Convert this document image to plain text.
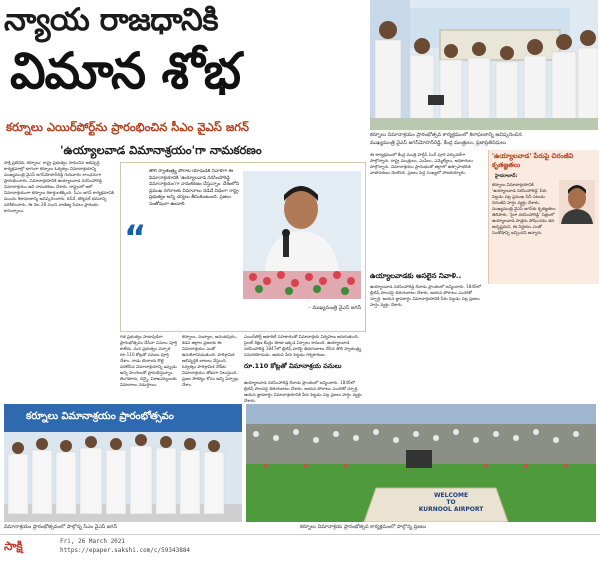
న్యాయ రాజధానికి
విమాన శోభ
కర్నూలు ఎయిర్‌పోర్ట్‌ను ప్రారంభించిన సీఎం వైఎస్ జగన్
'ఉయ్యాలవాడ విమానాశ్రయం'గా నామకరణం
కర్నూలు విమానాశ్రయం ప్రారంభోత్సవ కార్యక్రమంలో శిలాఫలకాన్ని ఆవిష్కరించిన
ముఖ్యమంత్రి వైఎస్ జగన్‌మోహన్‌రెడ్డి, కేంద్ర మంత్రులు, ప్రజాప్రతినిధులు
సాక్షి ప్రతినిధి, కర్నూలు: రాష్ట్ర ప్రభుత్వం సాధించిన అభివృద్ధి కార్యక్రమాల్లో భాగంగా కర్నూలు ఓర్వకల్లు విమానాశ్రయాన్ని ముఖ్యమంత్రి వైఎస్ జగన్‌మోహన్‌రెడ్డి గురువారం లాంఛనంగా ప్రారంభించారు. విమానాశ్రయానికి ఉయ్యాలవాడ నరసింహారెడ్డి విమానాశ్రయం అని నామకరణం చేశారు. రాష్ట్రంలో ఆరో విమానాశ్రయంగా కర్నూలు రికార్డులకెక్కింది. సీఎం జగన్ కార్యక్రమానికి ముందు శిలాఫలకాన్ని ఆవిష్కరించారు. రన్‌వే, టెర్మినల్ భవనాన్ని పరిశీలించారు. ఈ నెల 28 నుంచి వాణిజ్య సేవలు ప్రారంభం కానున్నాయి.
“
తొలి స్వాతంత్ర్య పోరాట యోధుడికి నివాళిగా ఈ విమానాశ్రయానికి 'ఉయ్యాలవాడ నరసింహారెడ్డి విమానాశ్రయం'గా నామకరణం చేస్తున్నాం. దేశంలోని ప్రముఖ నగరాలకు విమానాలు నడిచే విధంగా రాష్ట్ర ప్రభుత్వం అన్ని చర్యలు తీసుకుంటుంది. ప్రజలు సంతోషంగా ఉండాలి.
– ముఖ్యమంత్రి వైఎస్ జగన్
గత ప్రభుత్వం హడావుడిగా ప్రారంభోత్సవం చేసినా పనులు పూర్తి కాలేదు. మన ప్రభుత్వం వచ్చాక రూ.110 కోట్లతో పనులు పూర్తి చేశాం. నాడు టెంకాయ కొట్టి వదిలేసిన విమానాశ్రయాన్ని ఇప్పుడు అన్ని హంగులతో ప్రారంభిస్తున్నాం. బెంగళూరు, చెన్నై, విశాఖపట్నంలకు విమానాలు నడుస్తాయి.
కర్నూలు, నంద్యాల, అనంతపురం, కడప జిల్లాల ప్రజలకు ఈ విమానాశ్రయం ఎంతో ఉపయోగపడుతుంది. పారిశ్రామిక అభివృద్ధికి బాటలు వేస్తుంది. ఓర్వకల్లు పారిశ్రామిక నోడ్‌కు విమానాశ్రయం తోడుగా నిలుస్తుంది. ప్రజల సౌకర్యం కోసం అన్ని ఏర్పాట్లు చేశాం.
రూ.110 కోట్లతో విమానాశ్రయ పనులు
ఉయ్యాలవాడ నరసింహారెడ్డి రేనాడు ప్రాంతంలో జన్మించారు. 1846లో బ్రిటిష్ పాలనపై తిరుగుబాటు చేశారు. ఆయన పోరాటం ఎందరికో స్ఫూర్తి. ఆయన జ్ఞాపకార్థం విమానాశ్రయానికి పేరు పెట్టడం పట్ల ప్రజలు హర్షం వ్యక్తం చేశారు.
ఎయిర్‌పోర్ట్ అథారిటీ సహకారంతో విమానాశ్రయ నిర్వహణ జరుగుతుంది. పైలట్ శిక్షణ కేంద్రం కూడా ఇక్కడ ఏర్పాటు కానుంది. ఉయ్యాలవాడ నరసింహారెడ్డి 1847లో బ్రిటిష్ వారిపై తిరుగుబాటు చేసిన తొలి స్వాతంత్ర్య సమరయోధుడు. ఆయన పేరు పెట్టడం గర్వకారణం.
ఈ కార్యక్రమంలో కేంద్ర మంత్రి హర్దీప్ సింగ్ పూరి వర్చువల్‌గా పాల్గొన్నారు. రాష్ట్ర మంత్రులు, ఎంపీలు, ఎమ్మెల్యేలు, అధికారులు పాల్గొన్నారు. విమానాశ్రయం ప్రారంభంతో జిల్లాలో ఉత్సాహభరిత వాతావరణం నెలకొంది. ప్రజలు పెద్ద సంఖ్యలో హాజరయ్యారు.
ఉయ్యాలవాడకు అసలైన నివాళి..
ఉయ్యాలవాడ నరసింహారెడ్డి రేనాడు ప్రాంతంలో జన్మించారు. 1846లో బ్రిటిష్ పాలనపై తిరుగుబాటు చేశారు. ఆయన పోరాటం ఎందరికో స్ఫూర్తి. ఆయన జ్ఞాపకార్థం విమానాశ్రయానికి పేరు పెట్టడం పట్ల ప్రజలు హర్షం వ్యక్తం చేశారు.
'ఉయ్యాలవాడ' పేరుపై చిరంజీవి కృతజ్ఞతలు
హైదరాబాద్:
కర్నూలు విమానాశ్రయానికి 'ఉయ్యాలవాడ నరసింహారెడ్డి' పేరు పెట్టడం పట్ల ప్రముఖ సినీ నటుడు చిరంజీవి హర్షం వ్యక్తం చేశారు. ముఖ్యమంత్రి వైఎస్ జగన్‌కు కృతజ్ఞతలు తెలిపారు. 'సైరా నరసింహారెడ్డి' చిత్రంలో ఉయ్యాలవాడ పాత్రను పోషించడం తన అదృష్టమని, ఈ నిర్ణయం ఎంతో సంతోషాన్ని ఇచ్చిందని అన్నారు.
కర్నూలు విమానాశ్రయం ప్రారంభోత్సవం
విమానాశ్రయం ప్రారంభోత్సవంలో పాల్గొన్న సీఎం వైఎస్ జగన్
WELCOME
TO
KURNOOL AIRPORT
కర్నూలు విమానాశ్రయ ప్రారంభోత్సవ కార్యక్రమంలో పాల్గొన్న ప్రజలు
సాక్షి	Fri, 26 March 2021
https://epaper.sakshi.com/c/59343884
